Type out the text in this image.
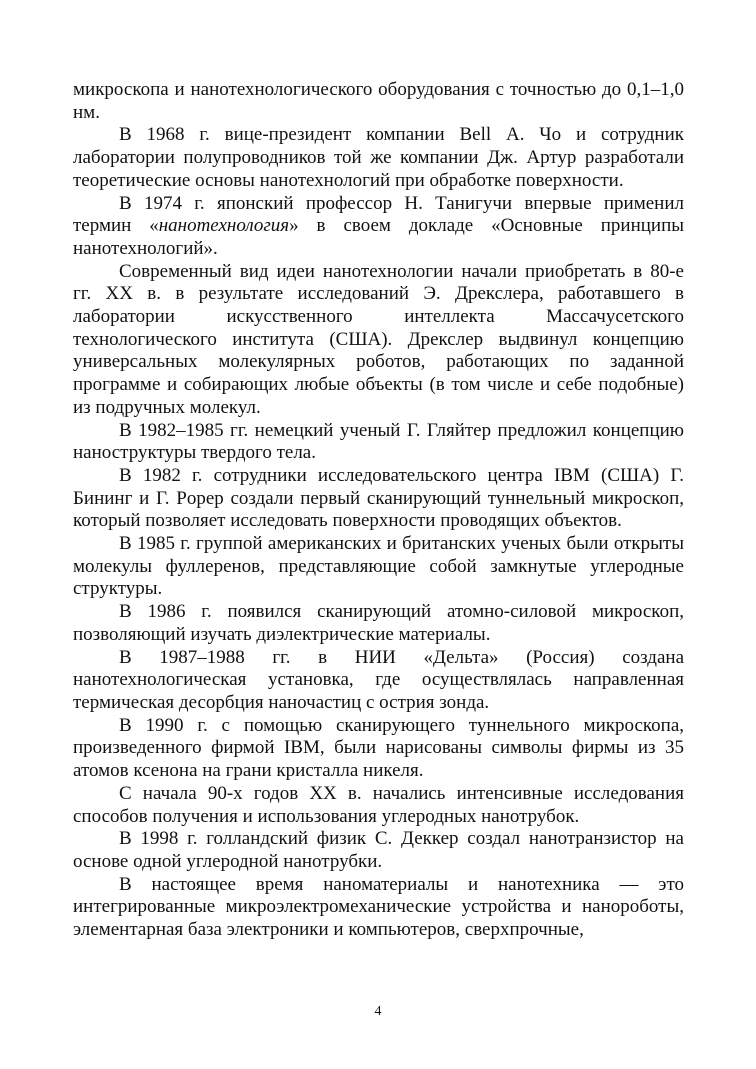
микроскопа и нанотехнологического оборудования с точностью до 0,1–1,0 нм.

В 1968 г. вице-президент компании Bell А. Чо и сотрудник лаборатории полупроводников той же компании Дж. Артур разработали теоретические основы нанотехнологий при обработке поверхности.

В 1974 г. японский профессор Н. Танигучи впервые применил термин «нанотехнология» в своем докладе «Основные принципы нанотехнологий».

Современный вид идеи нанотехнологии начали приобретать в 80-е гг. XX в. в результате исследований Э. Дрекслера, работавшего в лаборатории искусственного интеллекта Массачусетского технологического института (США). Дрекслер выдвинул концепцию универсальных молекулярных роботов, работающих по заданной программе и собирающих любые объекты (в том числе и себе подобные) из подручных молекул.

В 1982–1985 гг. немецкий ученый Г. Гляйтер предложил концепцию наноструктуры твердого тела.

В 1982 г. сотрудники исследовательского центра IBM (США) Г. Бининг и Г. Popep создали первый сканирующий туннельный микроскоп, который позволяет исследовать поверхности проводящих объектов.

В 1985 г. группой американских и британских ученых были открыты молекулы фуллеренов, представляющие собой замкнутые углеродные структуры.

В 1986 г. появился сканирующий атомно-силовой микроскоп, позволяющий изучать диэлектрические материалы.

В 1987–1988 гг. в НИИ «Дельта» (Россия) создана нанотехнологическая установка, где осуществлялась направленная термическая десорбция наночастиц с острия зонда.

В 1990 г. с помощью сканирующего туннельного микроскопа, произведенного фирмой IBM, были нарисованы символы фирмы из 35 атомов ксенона на грани кристалла никеля.

С начала 90-х годов XX в. начались интенсивные исследования способов получения и использования углеродных нанотрубок.

В 1998 г. голландский физик С. Деккер создал нанотранзистор на основе одной углеродной нанотрубки.

В настоящее время наноматериалы и нанотехника — это интегрированные микроэлектромеханические устройства и нанороботы, элементарная база электроники и компьютеров, сверхпрочные,

4
